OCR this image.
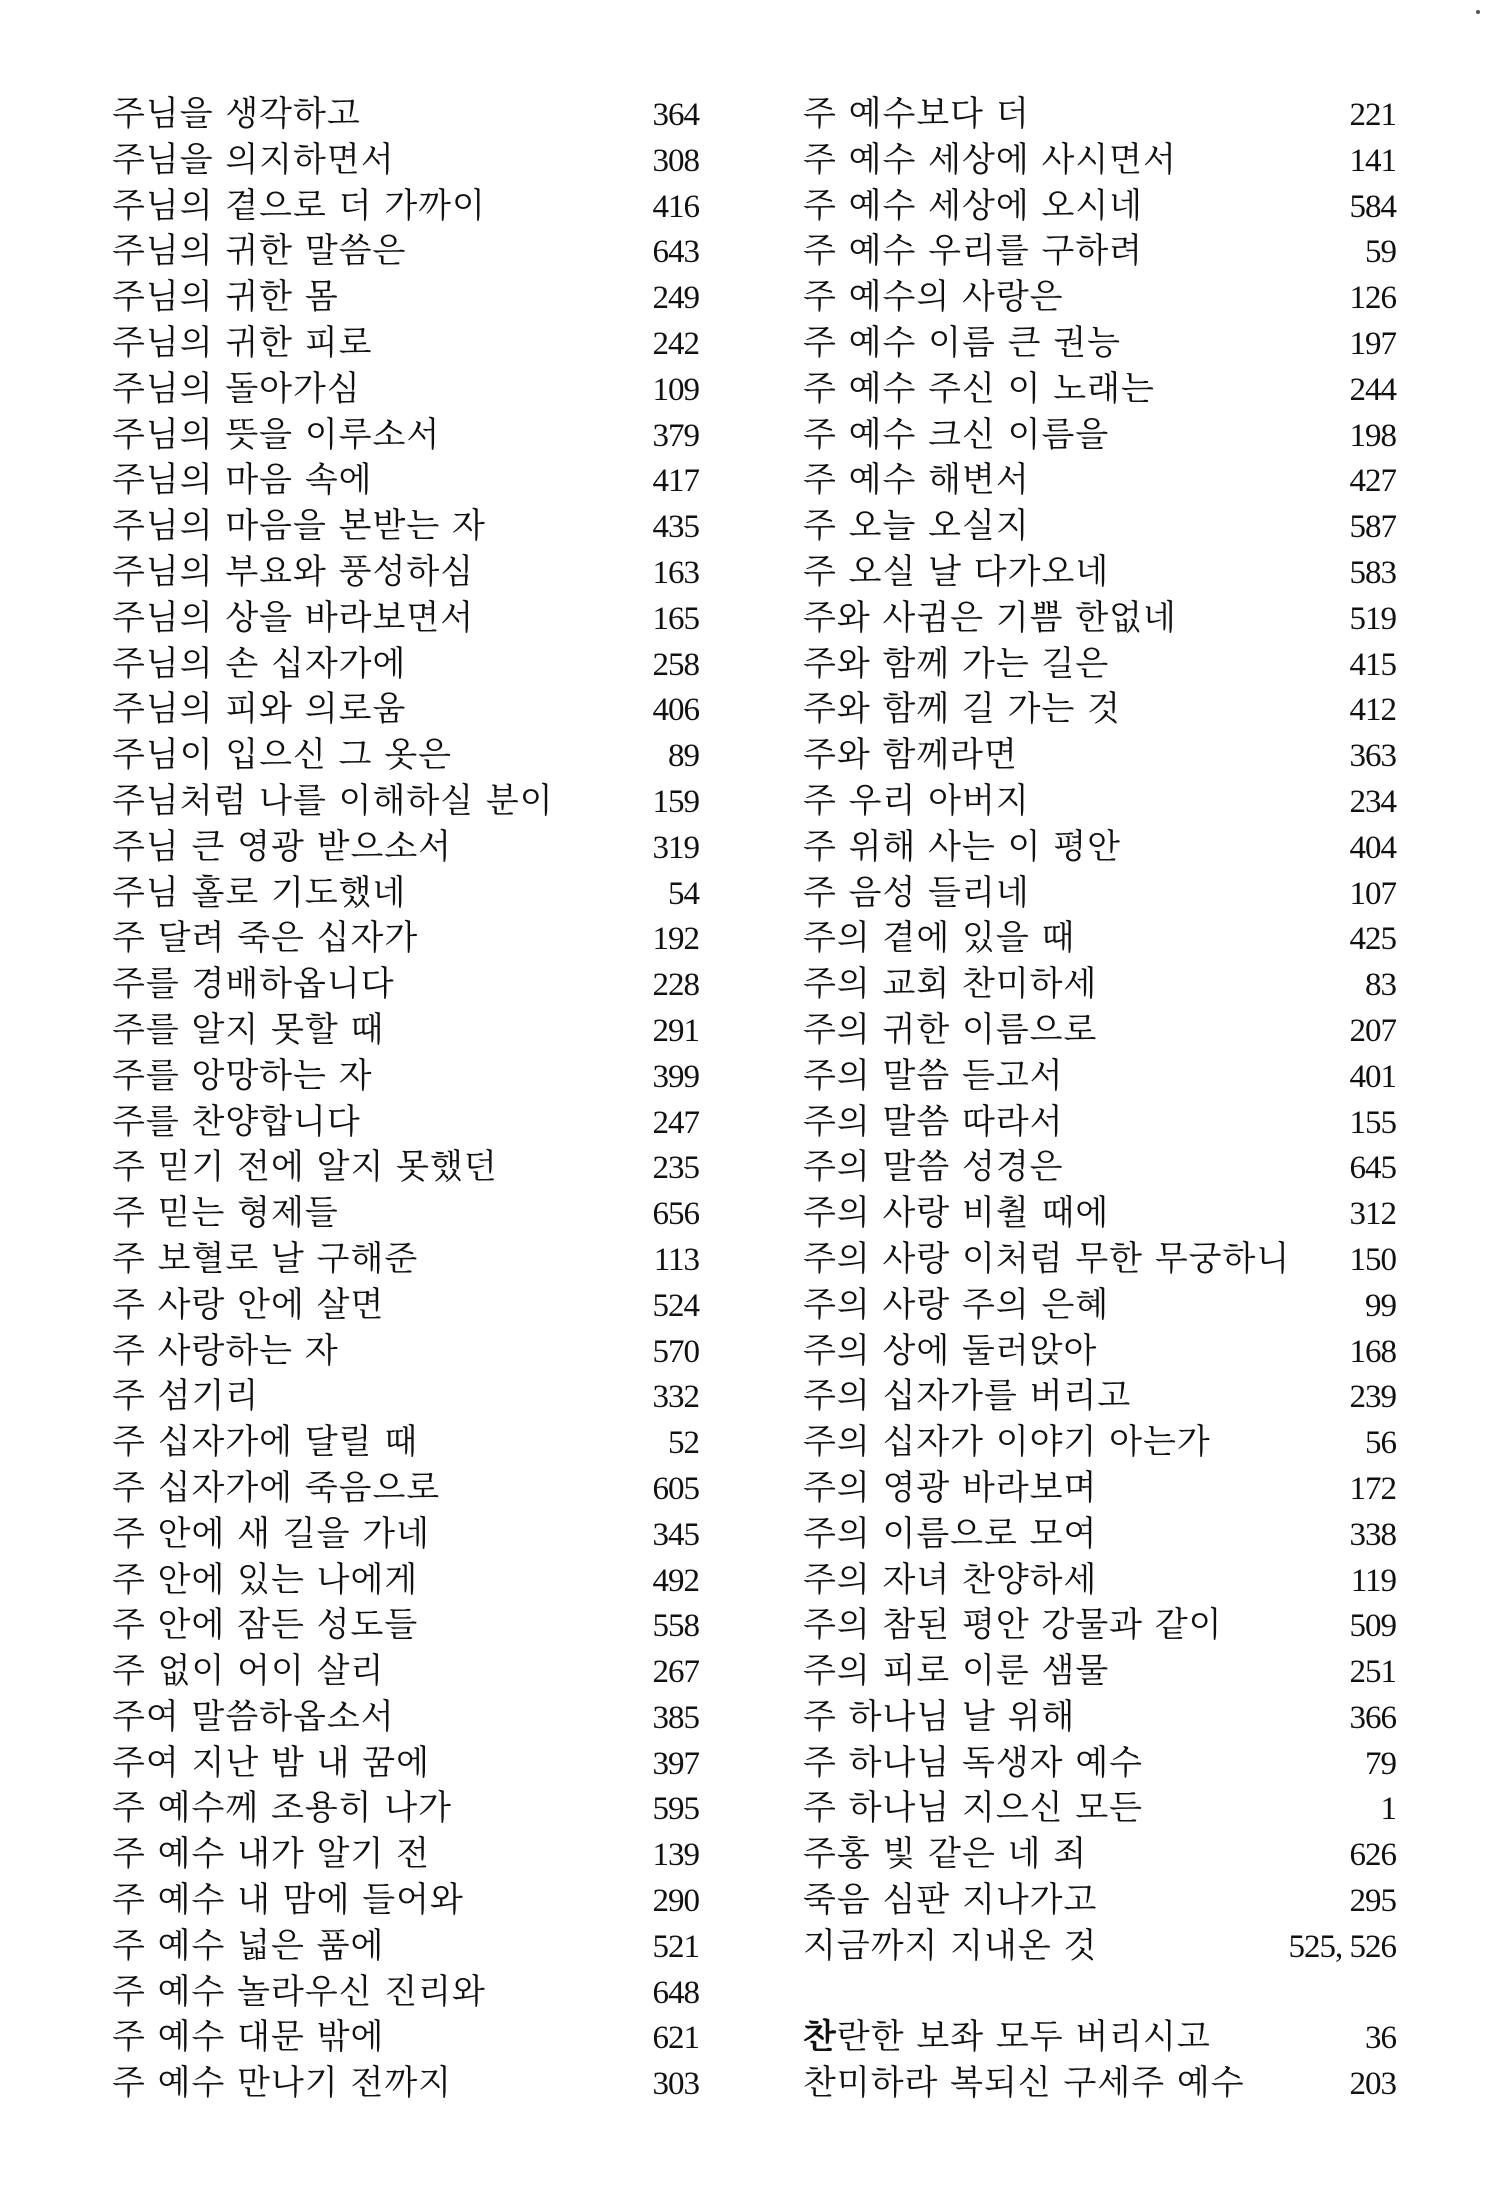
주님을 생각하고	364
주님을 의지하면서	308
주님의 곁으로 더 가까이	416
주님의 귀한 말씀은	643
주님의 귀한 몸	249
주님의 귀한 피로	242
주님의 돌아가심	109
주님의 뜻을 이루소서	379
주님의 마음 속에	417
주님의 마음을 본받는 자	435
주님의 부요와 풍성하심	163
주님의 상을 바라보면서	165
주님의 손 십자가에	258
주님의 피와 의로움	406
주님이 입으신 그 옷은	89
주님처럼 나를 이해하실 분이	159
주님 큰 영광 받으소서	319
주님 홀로 기도했네	54
주 달려 죽은 십자가	192
주를 경배하옵니다	228
주를 알지 못할 때	291
주를 앙망하는 자	399
주를 찬양합니다	247
주 믿기 전에 알지 못했던	235
주 믿는 형제들	656
주 보혈로 날 구해준	113
주 사랑 안에 살면	524
주 사랑하는 자	570
주 섬기리	332
주 십자가에 달릴 때	52
주 십자가에 죽음으로	605
주 안에 새 길을 가네	345
주 안에 있는 나에게	492
주 안에 잠든 성도들	558
주 없이 어이 살리	267
주여 말씀하옵소서	385
주여 지난 밤 내 꿈에	397
주 예수께 조용히 나가	595
주 예수 내가 알기 전	139
주 예수 내 맘에 들어와	290
주 예수 넓은 품에	521
주 예수 놀라우신 진리와	648
주 예수 대문 밖에	621
주 예수 만나기 전까지	303
주 예수보다 더	221
주 예수 세상에 사시면서	141
주 예수 세상에 오시네	584
주 예수 우리를 구하려	59
주 예수의 사랑은	126
주 예수 이름 큰 권능	197
주 예수 주신 이 노래는	244
주 예수 크신 이름을	198
주 예수 해변서	427
주 오늘 오실지	587
주 오실 날 다가오네	583
주와 사귐은 기쁨 한없네	519
주와 함께 가는 길은	415
주와 함께 길 가는 것	412
주와 함께라면	363
주 우리 아버지	234
주 위해 사는 이 평안	404
주 음성 들리네	107
주의 곁에 있을 때	425
주의 교회 찬미하세	83
주의 귀한 이름으로	207
주의 말씀 듣고서	401
주의 말씀 따라서	155
주의 말씀 성경은	645
주의 사랑 비췰 때에	312
주의 사랑 이처럼 무한 무궁하니	150
주의 사랑 주의 은혜	99
주의 상에 둘러앉아	168
주의 십자가를 버리고	239
주의 십자가 이야기 아는가	56
주의 영광 바라보며	172
주의 이름으로 모여	338
주의 자녀 찬양하세	119
주의 참된 평안 강물과 같이	509
주의 피로 이룬 샘물	251
주 하나님 날 위해	366
주 하나님 독생자 예수	79
주 하나님 지으신 모든	1
주홍 빛 같은 네 죄	626
죽음 심판 지나가고	295
지금까지 지내온 것	525, 526
찬란한 보좌 모두 버리시고	36
찬미하라 복되신 구세주 예수	203
